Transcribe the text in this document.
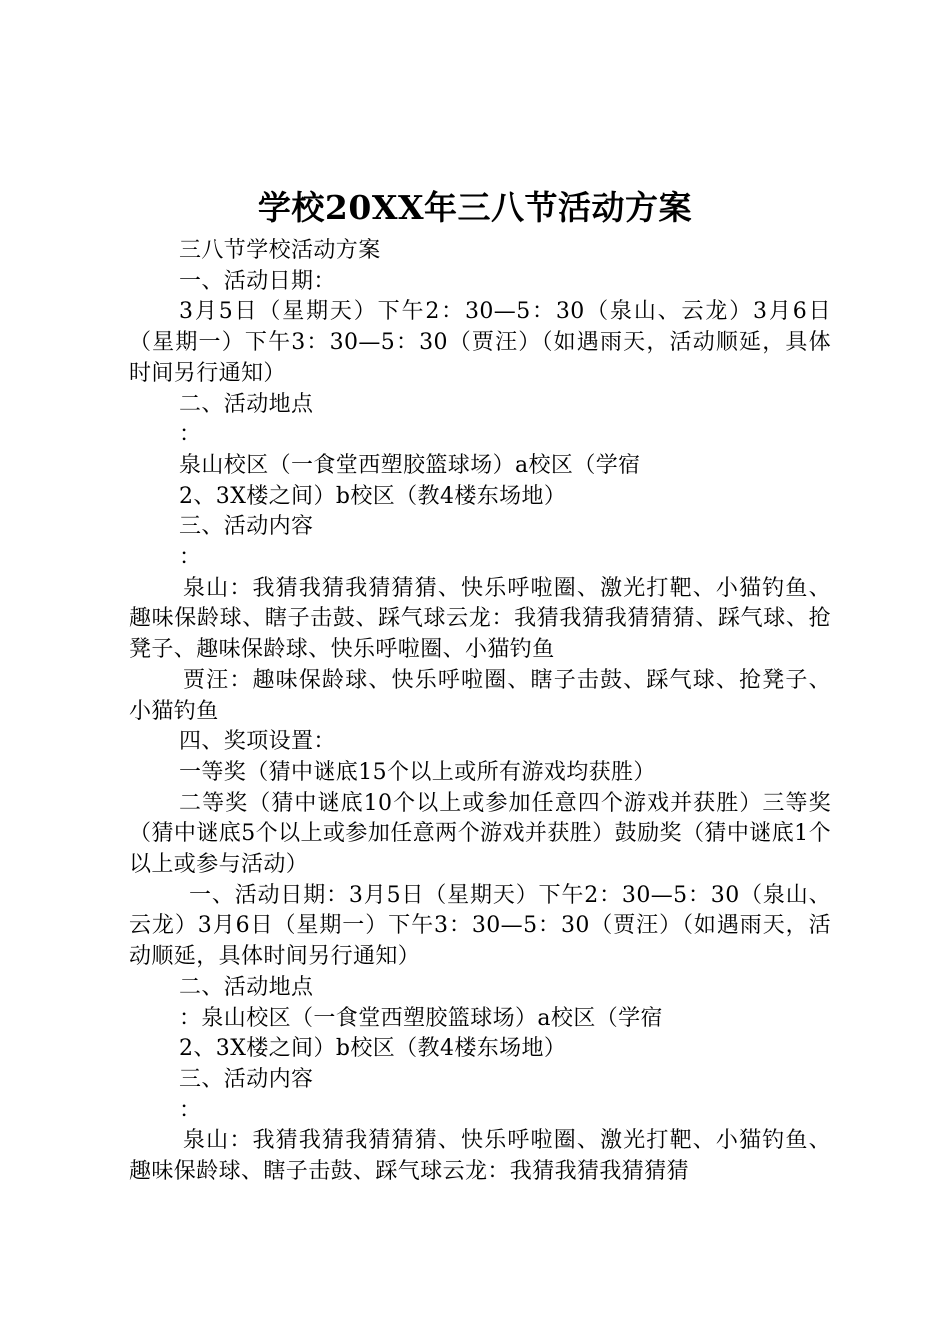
学校20XX年三八节活动方案

三八节学校活动方案

一、活动日期：

3月5日（星期天）下午2：30—5：30（泉山、云龙）3月6日（星期一）下午3：30—5：30（贾汪）（如遇雨天，活动顺延，具体时间另行通知）

二、活动地点

：

泉山校区（一食堂西塑胶篮球场）a校区（学宿

2、3X楼之间）b校区（教4楼东场地）

三、活动内容

：

泉山：我猜我猜我猜猜猜、快乐呼啦圈、激光打靶、小猫钓鱼、趣味保龄球、瞎子击鼓、踩气球云龙：我猜我猜我猜猜猜、踩气球、抢凳子、趣味保龄球、快乐呼啦圈、小猫钓鱼

贾汪：趣味保龄球、快乐呼啦圈、瞎子击鼓、踩气球、抢凳子、小猫钓鱼

四、奖项设置：

一等奖（猜中谜底15个以上或所有游戏均获胜）

二等奖（猜中谜底10个以上或参加任意四个游戏并获胜）三等奖（猜中谜底5个以上或参加任意两个游戏并获胜）鼓励奖（猜中谜底1个以上或参与活动）

一、活动日期：3月5日（星期天）下午2：30—5：30（泉山、云龙）3月6日（星期一）下午3：30—5：30（贾汪）（如遇雨天，活动顺延，具体时间另行通知）

二、活动地点

：泉山校区（一食堂西塑胶篮球场）a校区（学宿

2、3X楼之间）b校区（教4楼东场地）

三、活动内容

：

泉山：我猜我猜我猜猜猜、快乐呼啦圈、激光打靶、小猫钓鱼、趣味保龄球、瞎子击鼓、踩气球云龙：我猜我猜我猜猜猜
